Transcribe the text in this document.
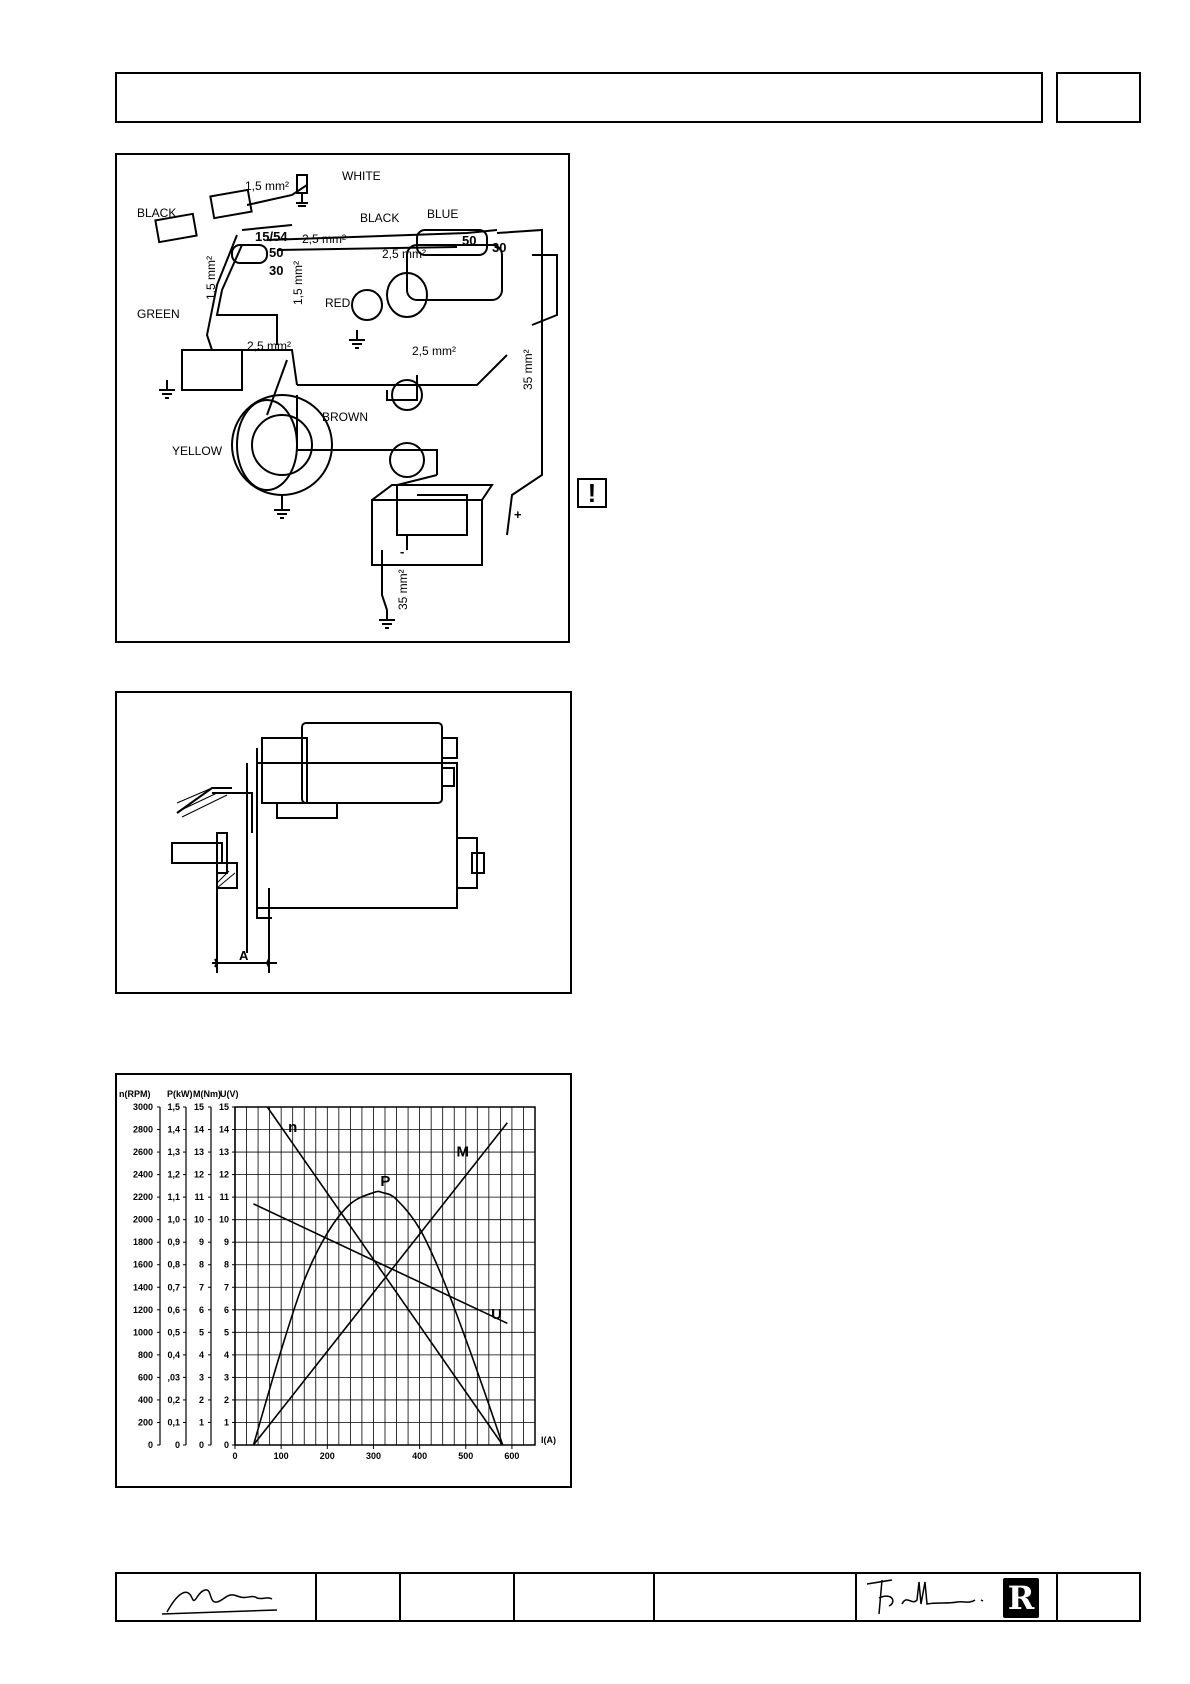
WHITE
1,5 mm²
BLACK	BLACK BLUE
15/54 2,5 mm²
2,5 mm²
50
30
50 30
1,5 mm²	1,5 mm²
GREEN
RED
2,5 mm²	2,5 mm²
BROWN
YELLOW
35 mm²
35 mm²
+
-
!
A
3000
2800
2600
2400
2200
2000
1800
1600
1400
1200
1000
800
600
400
200
0
1,5
1,4
1,3
1,2
1,1
1,0
0,9
0,8
0,7
0,6
0,5
0,4
,03
0,2
0,1
0
15
14
13
12
11
10
9
8
7
6
5
4
3
2
1
0
15
14
13
12
11
10
9
8
7
6
5
4
3
2
1
0
n(RPM) P(kW) M(Nm) U(V)
0	100	200	300	400	500	600
I(A)
n
M
U
P
R
